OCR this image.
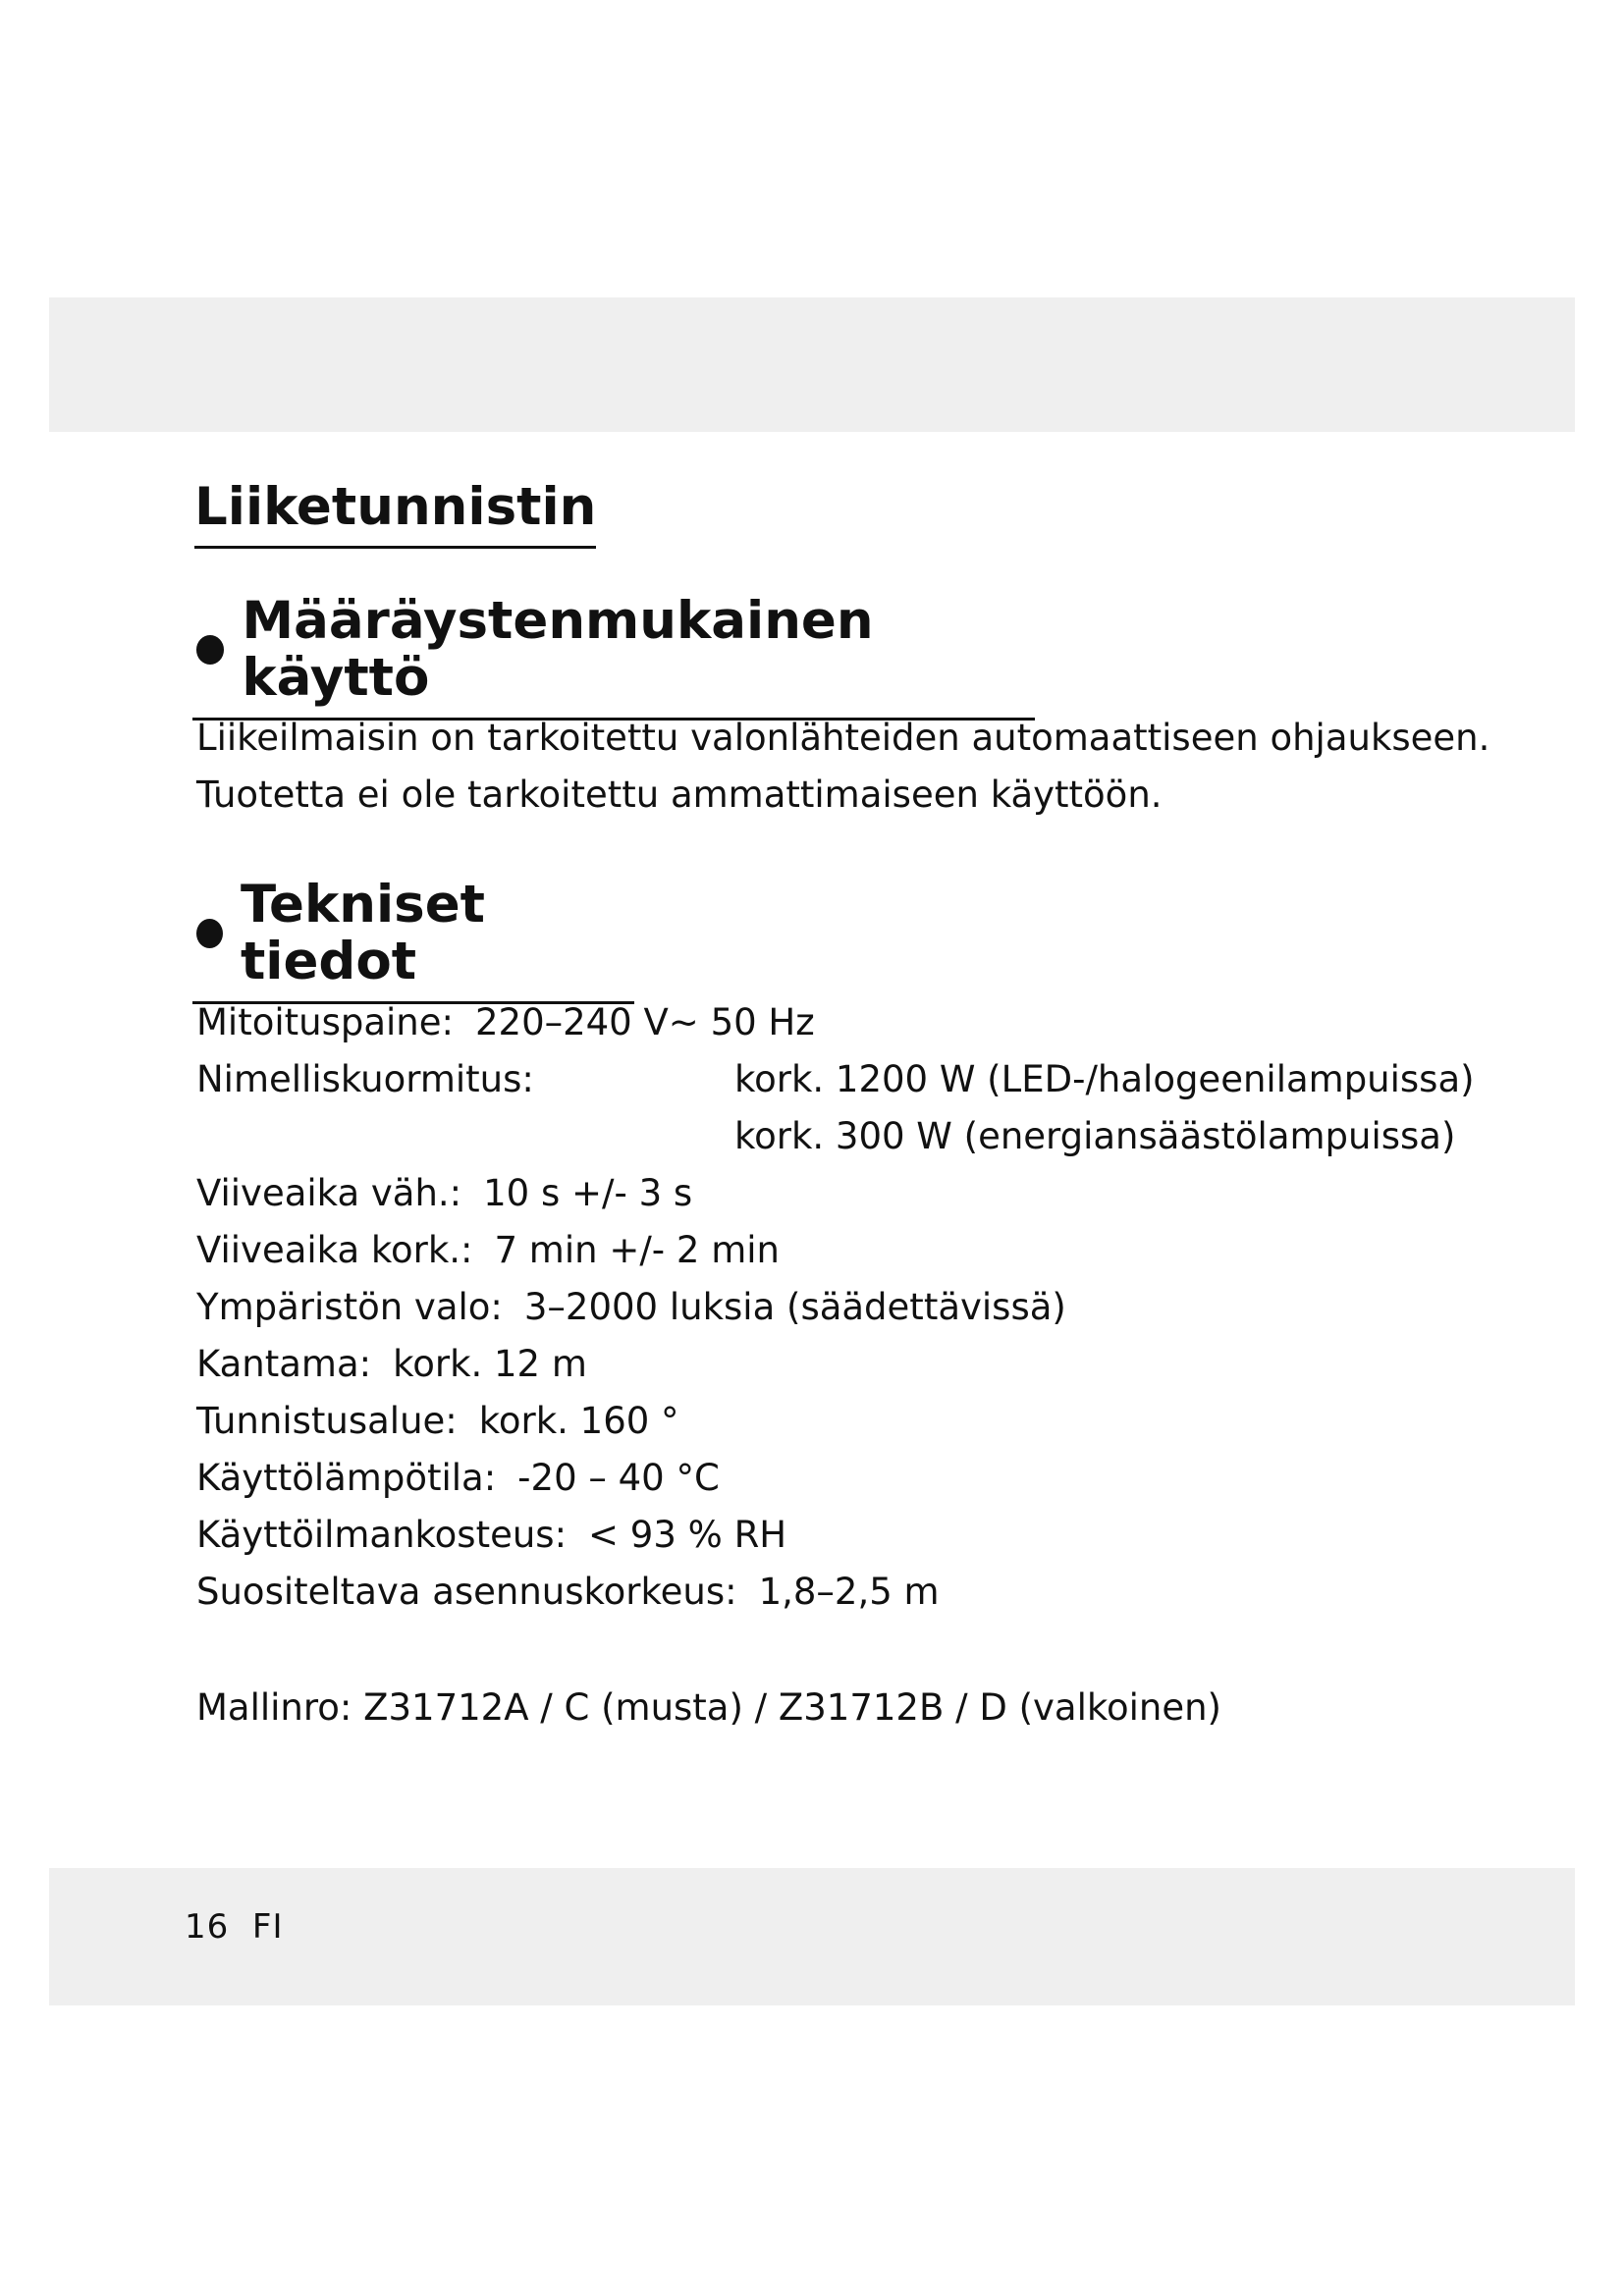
Liiketunnistin
Määräystenmukainen käyttö

Liikeilmaisin on tarkoitettu valonlähteiden automaattiseen ohjaukseen.

Tuotetta ei ole tarkoitettu ammattimaiseen käyttöön.

Tekniset tiedot
Mitoituspaine: 220–240 V~ 50 Hz
Nimelliskuormitus:	kork. 1200 W (LED-/halogeenilampuissa)
kork. 300 W (energiansäästölampuissa)
Viiveaika väh.: 10 s +/- 3 s
Viiveaika kork.: 7 min +/- 2 min
Ympäristön valo: 3–2000 luksia (säädettävissä)
Kantama: kork. 12 m
Tunnistusalue: kork. 160 °
Käyttölämpötila: -20 – 40 °C
Käyttöilmankosteus: < 93 % RH
Suositeltava asennuskorkeus: 1,8–2,5 m
Mallinro: Z31712A / C (musta) / Z31712B / D (valkoinen)
16 FI
